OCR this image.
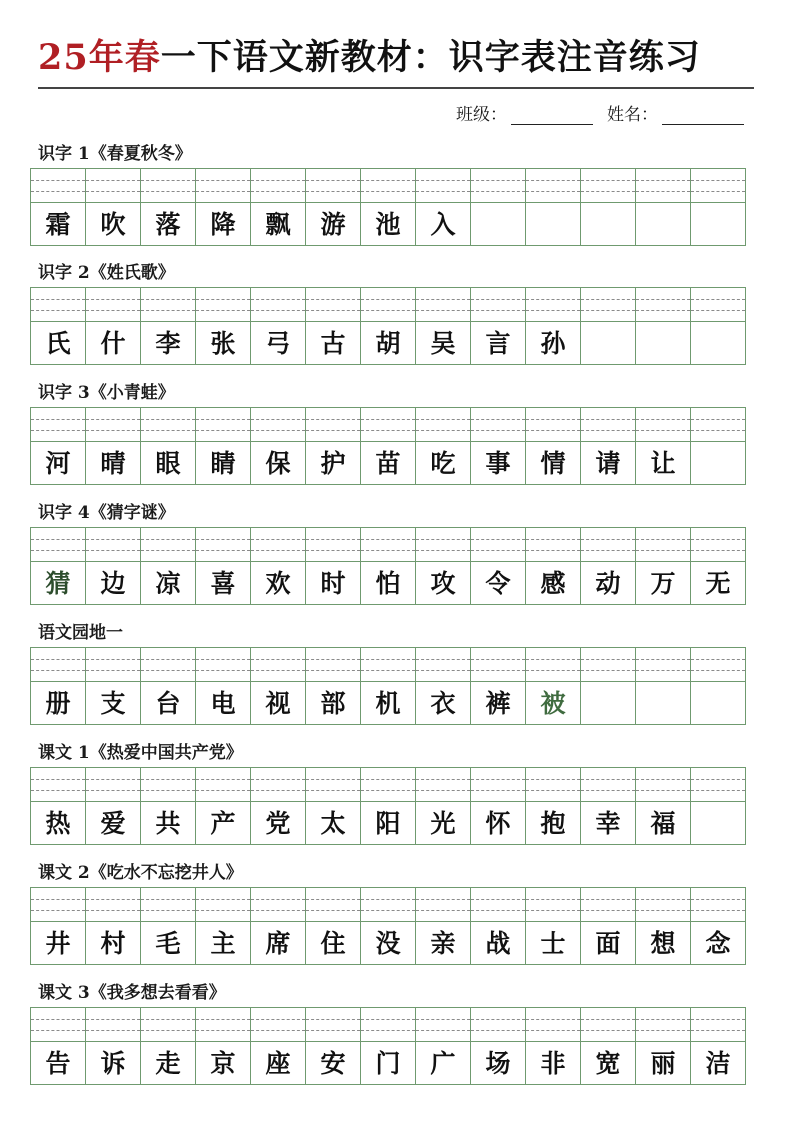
25年春一下语文新教材：识字表注音练习
班级：	姓名：
识字 1《春夏秋冬》
霜	吹	落	降	飘	游	池	入
识字 2《姓氏歌》
氏	什	李	张	弓	古	胡	吴	言	孙
识字 3《小青蛙》
河	晴	眼	睛	保	护	苗	吃	事	情	请	让
识字 4《猜字谜》
猜	边	凉	喜	欢	时	怕	攻	令	感	动	万	无
语文园地一
册	支	台	电	视	部	机	衣	裤	被
课文 1《热爱中国共产党》
热	爱	共	产	党	太	阳	光	怀	抱	幸	福
课文 2《吃水不忘挖井人》
井	村	毛	主	席	住	没	亲	战	士	面	想	念
课文 3《我多想去看看》
告	诉	走	京	座	安	门	广	场	非	宽	丽	洁
